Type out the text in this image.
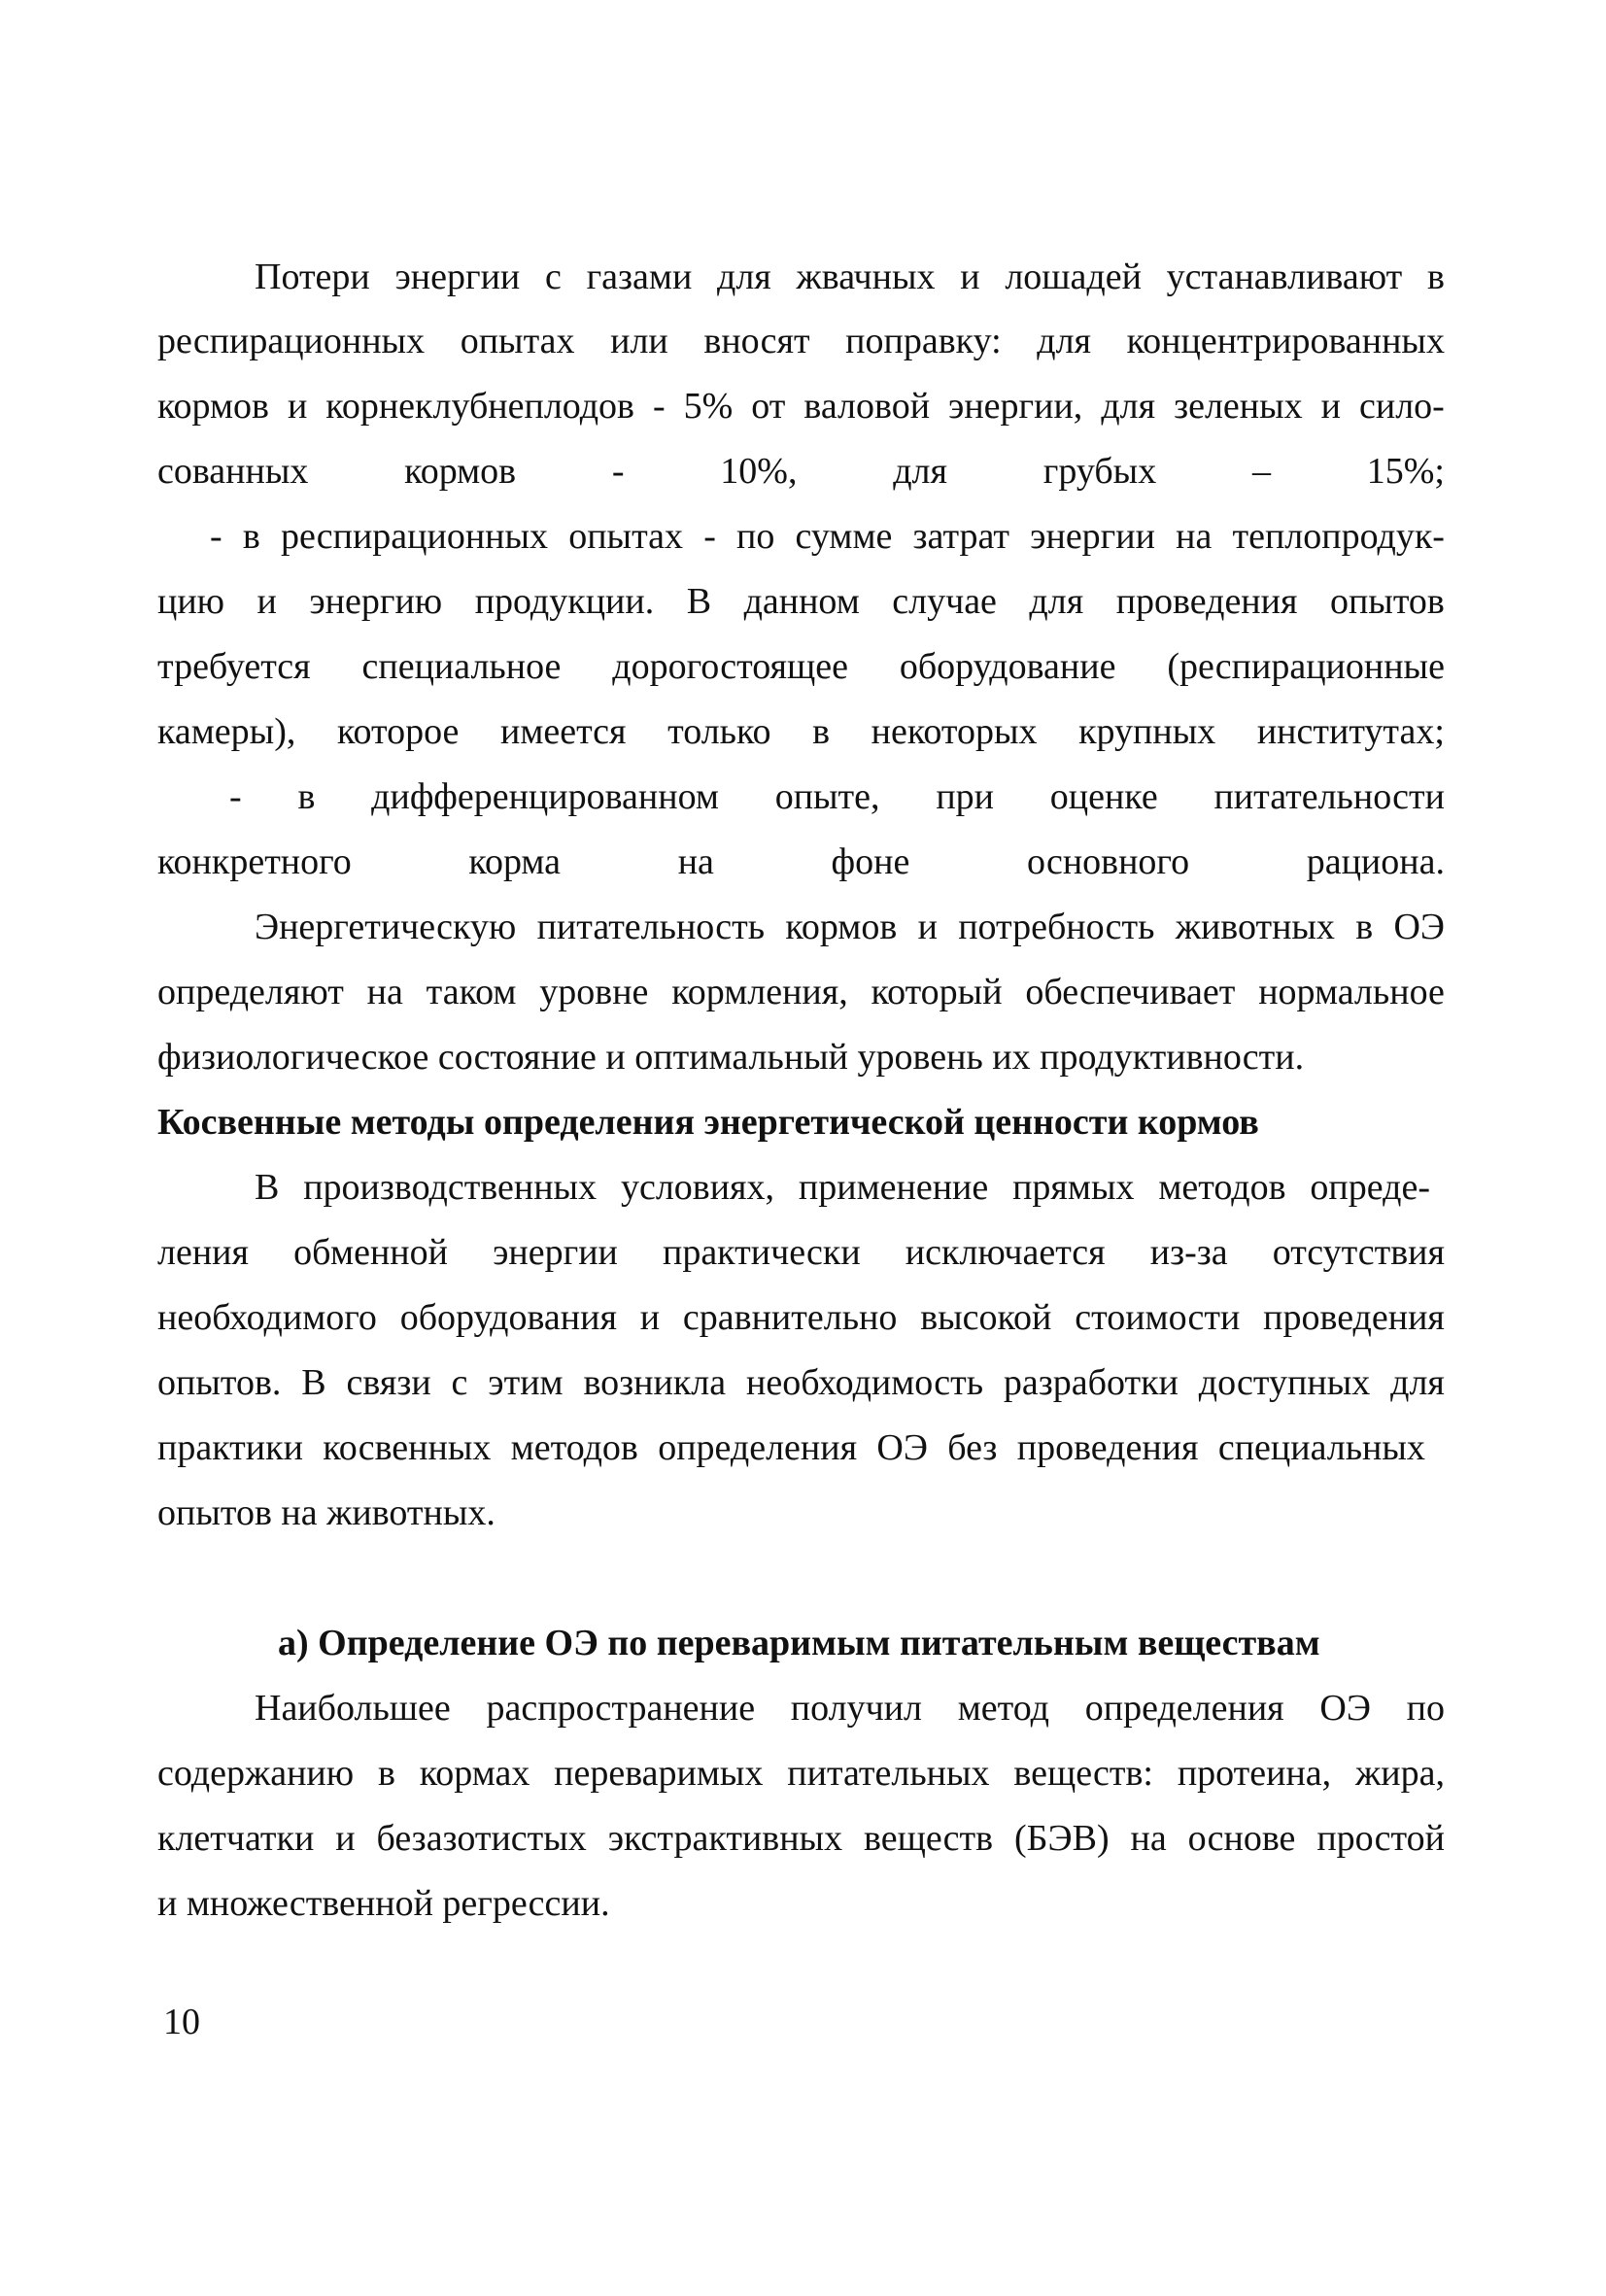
Потери энергии с газами для жвачных и лошадей устанавливают в
респирационных опытах или вносят поправку: для концентрированных
кормов и корнеклубнеплодов - 5% от валовой энергии, для зеленых и сило-
сованных	кормов	-	10%,	для	грубых	–	15%;
- в респирационных опытах - по сумме затрат энергии на теплопродук-
цию и энергию продукции. В данном случае для проведения опытов
требуется специальное дорогостоящее оборудование (респирационные
камеры), которое имеется только в некоторых крупных институтах;
- в дифференцированном опыте, при оценке питательности
конкретного	корма	на	фоне	основного	рациона.
Энергетическую питательность кормов и потребность животных в ОЭ
определяют на таком уровне кормления, который обеспечивает нормальное
физиологическое состояние и оптимальный уровень их продуктивности.
Косвенные методы определения энергетической ценности кормов
В производственных условиях, применение прямых методов опреде-
ления обменной энергии практически исключается из-за отсутствия
необходимого оборудования и сравнительно высокой стоимости проведения
опытов. В связи с этим возникла необходимость разработки доступных для
практики косвенных методов определения ОЭ без проведения специальных
опытов на животных.
а) Определение ОЭ по переваримым питательным веществам
Наибольшее распространение получил метод определения ОЭ по
содержанию в кормах переваримых питательных веществ: протеина, жира,
клетчатки и безазотистых экстрактивных веществ (БЭВ) на основе простой
и множественной регрессии.
10
